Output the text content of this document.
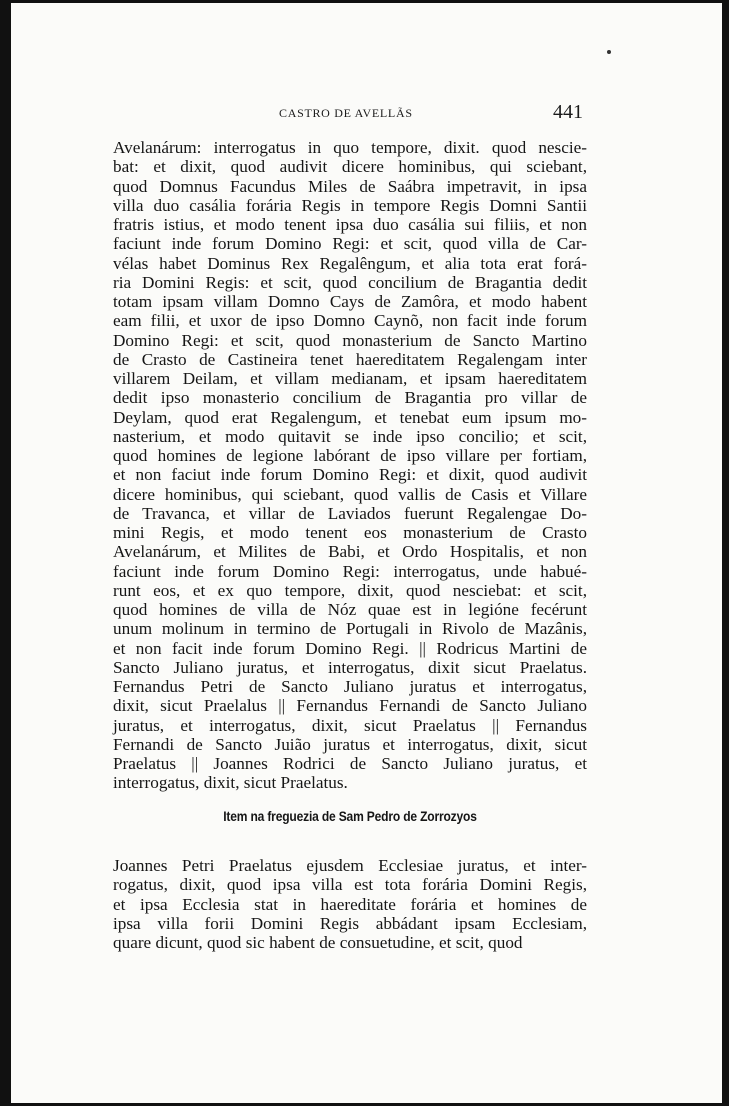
CASTRO DE AVELLÃS	441
Avelanárum: interrogatus in quo tempore, dixit. quod nescie-
bat: et dixit, quod audivit dicere hominibus, qui sciebant,
quod Domnus Facundus Miles de Saábra impetravit, in ipsa
villa duo casália forária Regis in tempore Regis Domni Santii
fratris istius, et modo tenent ipsa duo casália sui filiis, et non
faciunt inde forum Domino Regi: et scit, quod villa de Car-
vélas habet Dominus Rex Regalêngum, et alia tota erat forá-
ria Domini Regis: et scit, quod concilium de Bragantia dedit
totam ipsam villam Domno Cays de Zamôra, et modo habent
eam filii, et uxor de ipso Domno Caynõ, non facit inde forum
Domino Regi: et scit, quod monasterium de Sancto Martino
de Crasto de Castineira tenet haereditatem Regalengam inter
villarem Deilam, et villam medianam, et ipsam haereditatem
dedit ipso monasterio concilium de Bragantia pro villar de
Deylam, quod erat Regalengum, et tenebat eum ipsum mo-
nasterium, et modo quitavit se inde ipso concilio; et scit,
quod homines de legione labórant de ipso villare per fortiam,
et non faciut inde forum Domino Regi: et dixit, quod audivit
dicere hominibus, qui sciebant, quod vallis de Casis et Villare
de Travanca, et villar de Laviados fuerunt Regalengae Do-
mini Regis, et modo tenent eos monasterium de Crasto
Avelanárum, et Milites de Babi, et Ordo Hospitalis, et non
faciunt inde forum Domino Regi: interrogatus, unde habué-
runt eos, et ex quo tempore, dixit, quod nesciebat: et scit,
quod homines de villa de Nóz quae est in legióne fecérunt
unum molinum in termino de Portugali in Rivolo de Mazânis,
et non facit inde forum Domino Regi. || Rodricus Martini de
Sancto Juliano juratus, et interrogatus, dixit sicut Praelatus.
Fernandus Petri de Sancto Juliano juratus et interrogatus,
dixit, sicut Praelalus || Fernandus Fernandi de Sancto Juliano
juratus, et interrogatus, dixit, sicut Praelatus || Fernandus
Fernandi de Sancto Juião juratus et interrogatus, dixit, sicut
Praelatus || Joannes Rodrici de Sancto Juliano juratus, et
interrogatus, dixit, sicut Praelatus.
Item na freguezia de Sam Pedro de Zorrozyos
Joannes Petri Praelatus ejusdem Ecclesiae juratus, et inter-
rogatus, dixit, quod ipsa villa est tota forária Domini Regis,
et ipsa Ecclesia stat in haereditate forária et homines de
ipsa villa forii Domini Regis abbádant ipsam Ecclesiam,
quare dicunt, quod sic habent de consuetudine, et scit, quod
